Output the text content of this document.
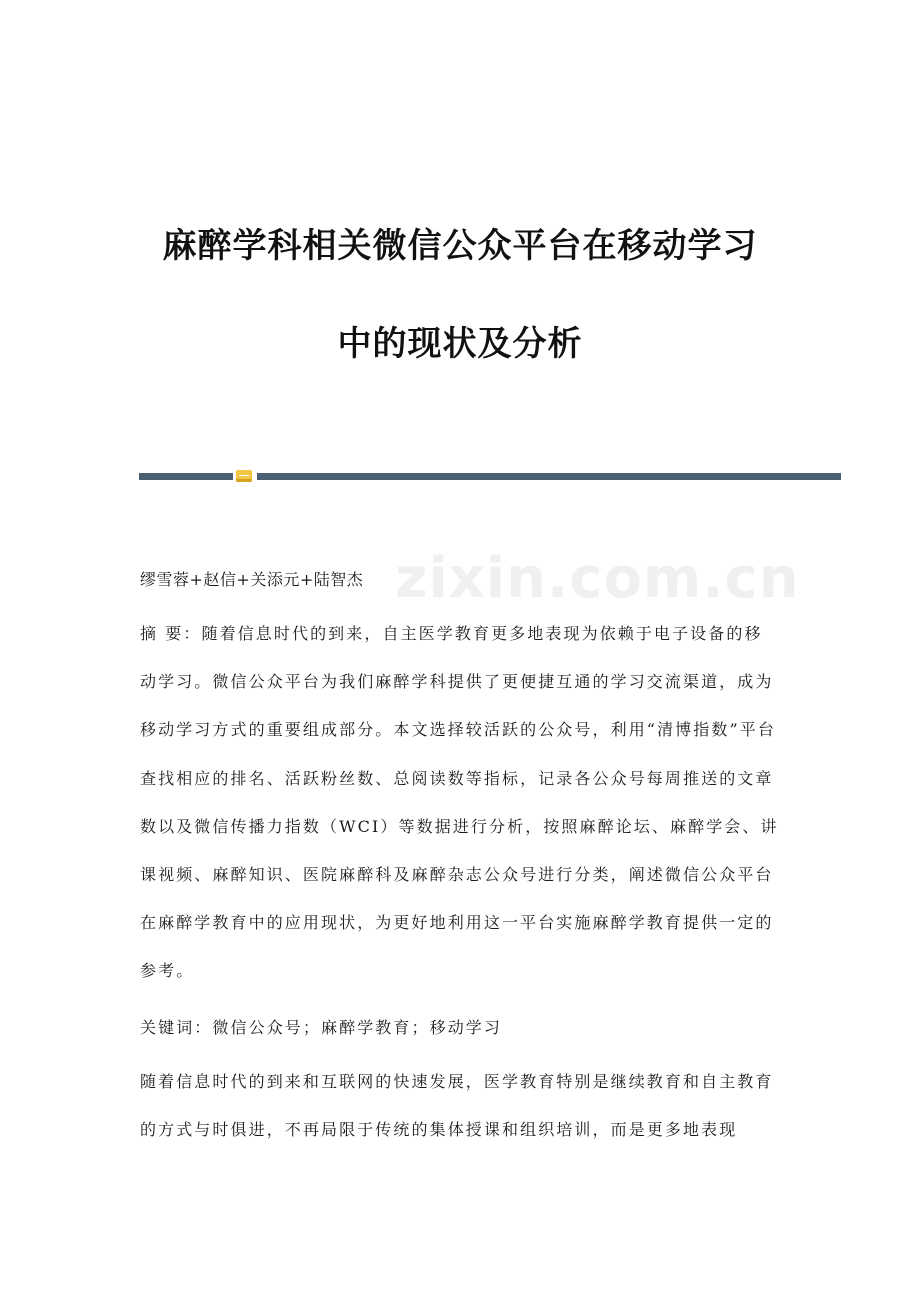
麻醉学科相关微信公众平台在移动学习
中的现状及分析
zixin.com.cn

缪雪蓉+赵信+关添元+陆智杰

摘 要：随着信息时代的到来，自主医学教育更多地表现为依赖于电子设备的移动学习。微信公众平台为我们麻醉学科提供了更便捷互通的学习交流渠道，成为移动学习方式的重要组成部分。本文选择较活跃的公众号，利用“清博指数”平台查找相应的排名、活跃粉丝数、总阅读数等指标，记录各公众号每周推送的文章数以及微信传播力指数（WCI）等数据进行分析，按照麻醉论坛、麻醉学会、讲课视频、麻醉知识、医院麻醉科及麻醉杂志公众号进行分类，阐述微信公众平台在麻醉学教育中的应用现状，为更好地利用这一平台实施麻醉学教育提供一定的参考。

关键词：微信公众号；麻醉学教育；移动学习

随着信息时代的到来和互联网的快速发展，医学教育特别是继续教育和自主教育的方式与时俱进，不再局限于传统的集体授课和组织培训，而是更多地表现
